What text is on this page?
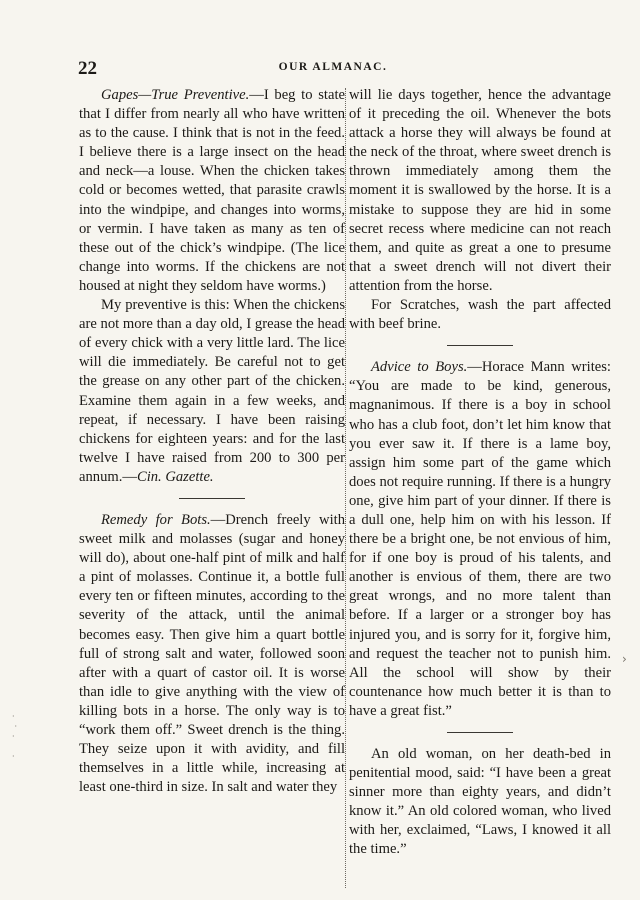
22	OUR ALMANAC.

Gapes—True Preventive.—I beg to state that I differ from nearly all who have written as to the cause. I think that is not in the feed. I believe there is a large insect on the head and neck—a louse. When the chicken takes cold or becomes wetted, that parasite crawls into the windpipe, and changes into worms, or vermin. I have taken as many as ten of these out of the chick’s windpipe. (The lice change into worms. If the chickens are not housed at night they seldom have worms.)

My preventive is this: When the chickens are not more than a day old, I grease the head of every chick with a very little lard. The lice will die immediately. Be careful not to get the grease on any other part of the chicken. Examine them again in a few weeks, and repeat, if necessary. I have been raising chickens for eighteen years: and for the last twelve I have raised from 200 to 300 per annum.—Cin. Gazette.

Remedy for Bots.—Drench freely with sweet milk and molasses (sugar and honey will do), about one-half pint of milk and half a pint of molasses. Continue it, a bottle full every ten or fifteen minutes, according to the severity of the attack, until the animal becomes easy. Then give him a quart bottle full of strong salt and water, followed soon after with a quart of castor oil. It is worse than idle to give anything with the view of killing bots in a horse. The only way is to “work them off.” Sweet drench is the thing. They seize upon it with avidity, and fill themselves in a little while, increasing at least one-third in size. In salt and water they

will lie days together, hence the advantage of it preceding the oil. Whenever the bots attack a horse they will always be found at the neck of the throat, where sweet drench is thrown immediately among them the moment it is swallowed by the horse. It is a mistake to suppose they are hid in some secret recess where medicine can not reach them, and quite as great a one to presume that a sweet drench will not divert their attention from the horse.

For Scratches, wash the part affected with beef brine.

Advice to Boys.—Horace Mann writes: “You are made to be kind, generous, magnanimous. If there is a boy in school who has a club foot, don’t let him know that you ever saw it. If there is a lame boy, assign him some part of the game which does not require running. If there is a hungry one, give him part of your dinner. If there is a dull one, help him on with his lesson. If there be a bright one, be not envious of him, for if one boy is proud of his talents, and another is envious of them, there are two great wrongs, and no more talent than before. If a larger or a stronger boy has injured you, and is sorry for it, forgive him, and request the teacher not to punish him. All the school will show by their countenance how much better it is than to have a great fist.”

An old woman, on her death-bed in penitential mood, said: “I have been a great sinner more than eighty years, and didn’t know it.” An old colored woman, who lived with her, exclaimed, “Laws, I knowed it all the time.”

·
·
·

·
›
